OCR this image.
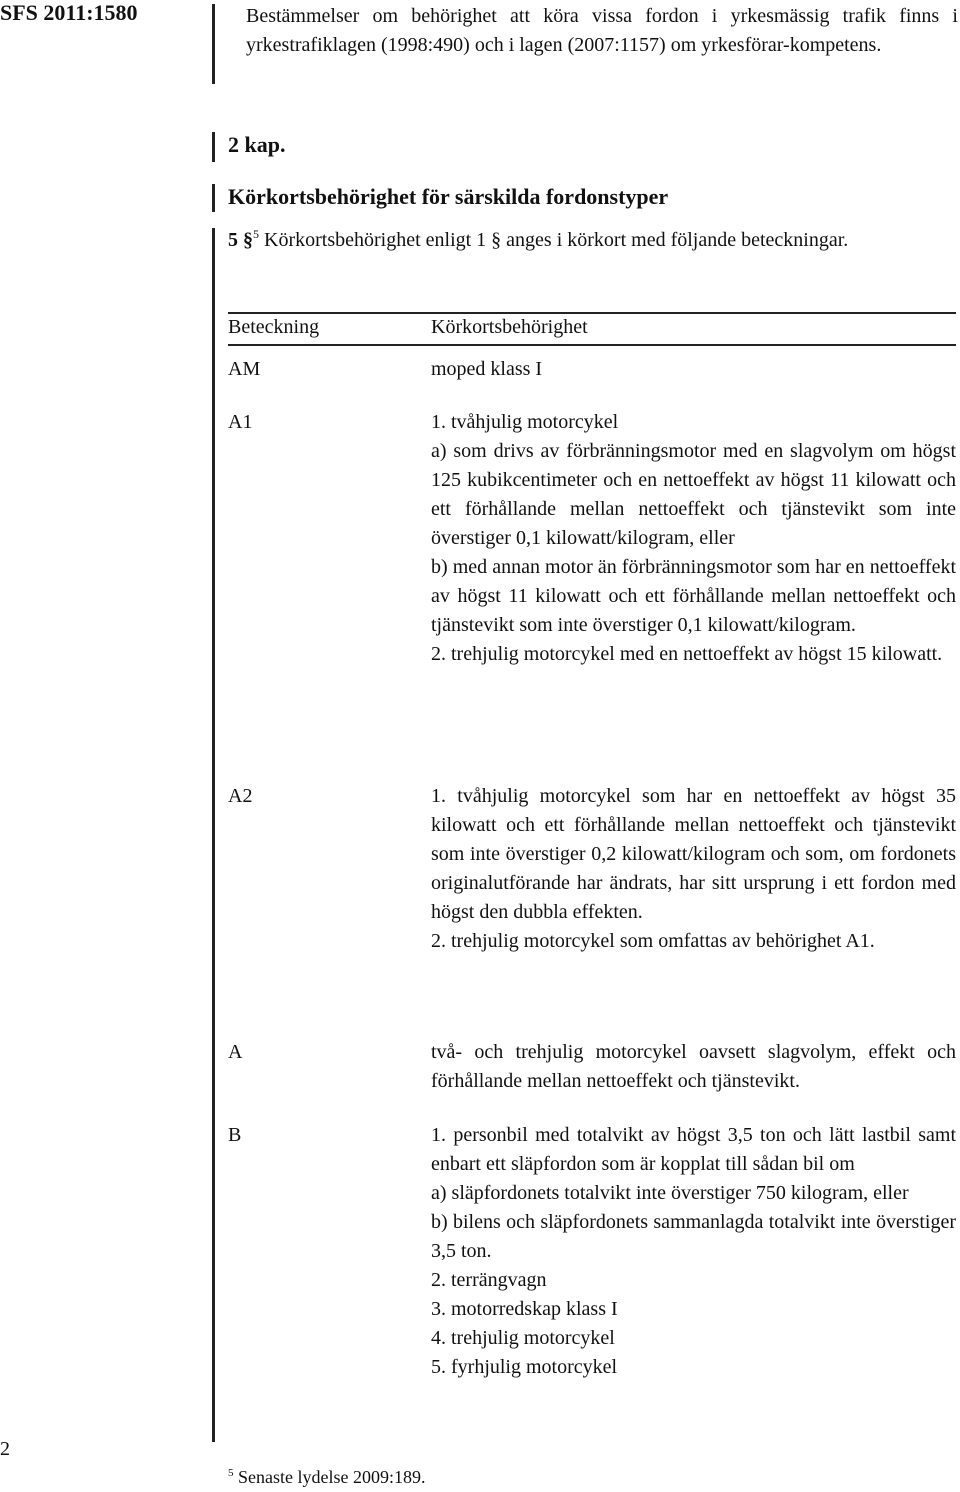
SFS 2011:1580	Bestämmelser om behörighet att köra vissa fordon i yrkesmässig trafik finns i yrkestrafiklagen (1998:490) och i lagen (2007:1157) om yrkesförar-kompetens.
2 kap.
Körkortsbehörighet för särskilda fordonstyper
5 §$^5$ Körkortsbehörighet enligt 1 § anges i körkort med följande beteckningar.
Beteckning	Körkortsbehörighet
AM	moped klass I
A1	1. tvåhjulig motorcykel
a) som drivs av förbränningsmotor med en slagvolym om högst 125 kubikcentimeter och en nettoeffekt av högst 11 kilowatt och ett förhållande mellan nettoeffekt och tjänstevikt som inte överstiger 0,1 kilowatt/kilogram, eller
b) med annan motor än förbränningsmotor som har en nettoeffekt av högst 11 kilowatt och ett förhållande mellan nettoeffekt och tjänstevikt som inte överstiger 0,1 kilowatt/kilogram.
2. trehjulig motorcykel med en nettoeffekt av högst 15 kilowatt.
A2	1. tvåhjulig motorcykel som har en nettoeffekt av högst 35 kilowatt och ett förhållande mellan nettoeffekt och tjänstevikt som inte överstiger 0,2 kilowatt/kilogram och som, om fordonets originalutförande har ändrats, har sitt ursprung i ett fordon med högst den dubbla effekten.
2. trehjulig motorcykel som omfattas av behörighet A1.
A	två- och trehjulig motorcykel oavsett slagvolym, effekt och förhållande mellan nettoeffekt och tjänstevikt.
B	1. personbil med totalvikt av högst 3,5 ton och lätt lastbil samt enbart ett släpfordon som är kopplat till sådan bil om
a) släpfordonets totalvikt inte överstiger 750 kilogram, eller
b) bilens och släpfordonets sammanlagda totalvikt inte överstiger 3,5 ton.
2. terrängvagn
3. motorredskap klass I
4. trehjulig motorcykel
5. fyrhjulig motorcykel
2
$^5$ Senaste lydelse 2009:189.
